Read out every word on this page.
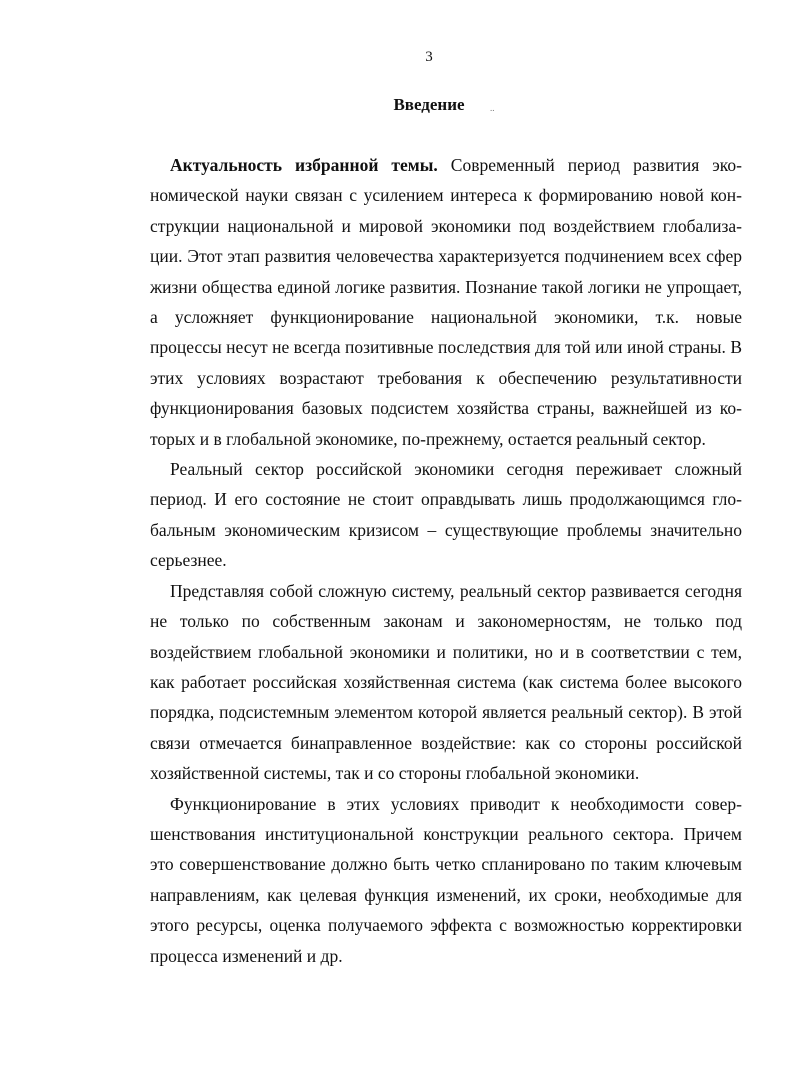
3
Введение	..

Актуальность избранной темы. Современный период развития экономической науки связан с усилением интереса к формированию новой конструкции национальной и мировой экономики под воздействием глобализации. Этот этап развития человечества характеризуется подчинением всех сфер жизни общества единой логике развития. Познание такой логики не упрощает, а усложняет функционирование национальной экономики, т.к. новые процессы несут не всегда позитивные последствия для той или иной страны. В этих условиях возрастают требования к обеспечению результативности функционирования базовых подсистем хозяйства страны, важнейшей из которых и в глобальной экономике, по-прежнему, остается реальный сектор.

Реальный сектор российской экономики сегодня переживает сложный период. И его состояние не стоит оправдывать лишь продолжающимся глобальным экономическим кризисом – существующие проблемы значительно серьезнее.

Представляя собой сложную систему, реальный сектор развивается сегодня не только по собственным законам и закономерностям, не только под воздействием глобальной экономики и политики, но и в соответствии с тем, как работает российская хозяйственная система (как система более высокого порядка, подсистемным элементом которой является реальный сектор). В этой связи отмечается бинаправленное воздействие: как со стороны российской хозяйственной системы, так и со стороны глобальной экономики.

Функционирование в этих условиях приводит к необходимости совершенствования институциональной конструкции реального сектора. Причем это совершенствование должно быть четко спланировано по таким ключевым направлениям, как целевая функция изменений, их сроки, необходимые для этого ресурсы, оценка получаемого эффекта с возможностью корректировки процесса изменений и др.
